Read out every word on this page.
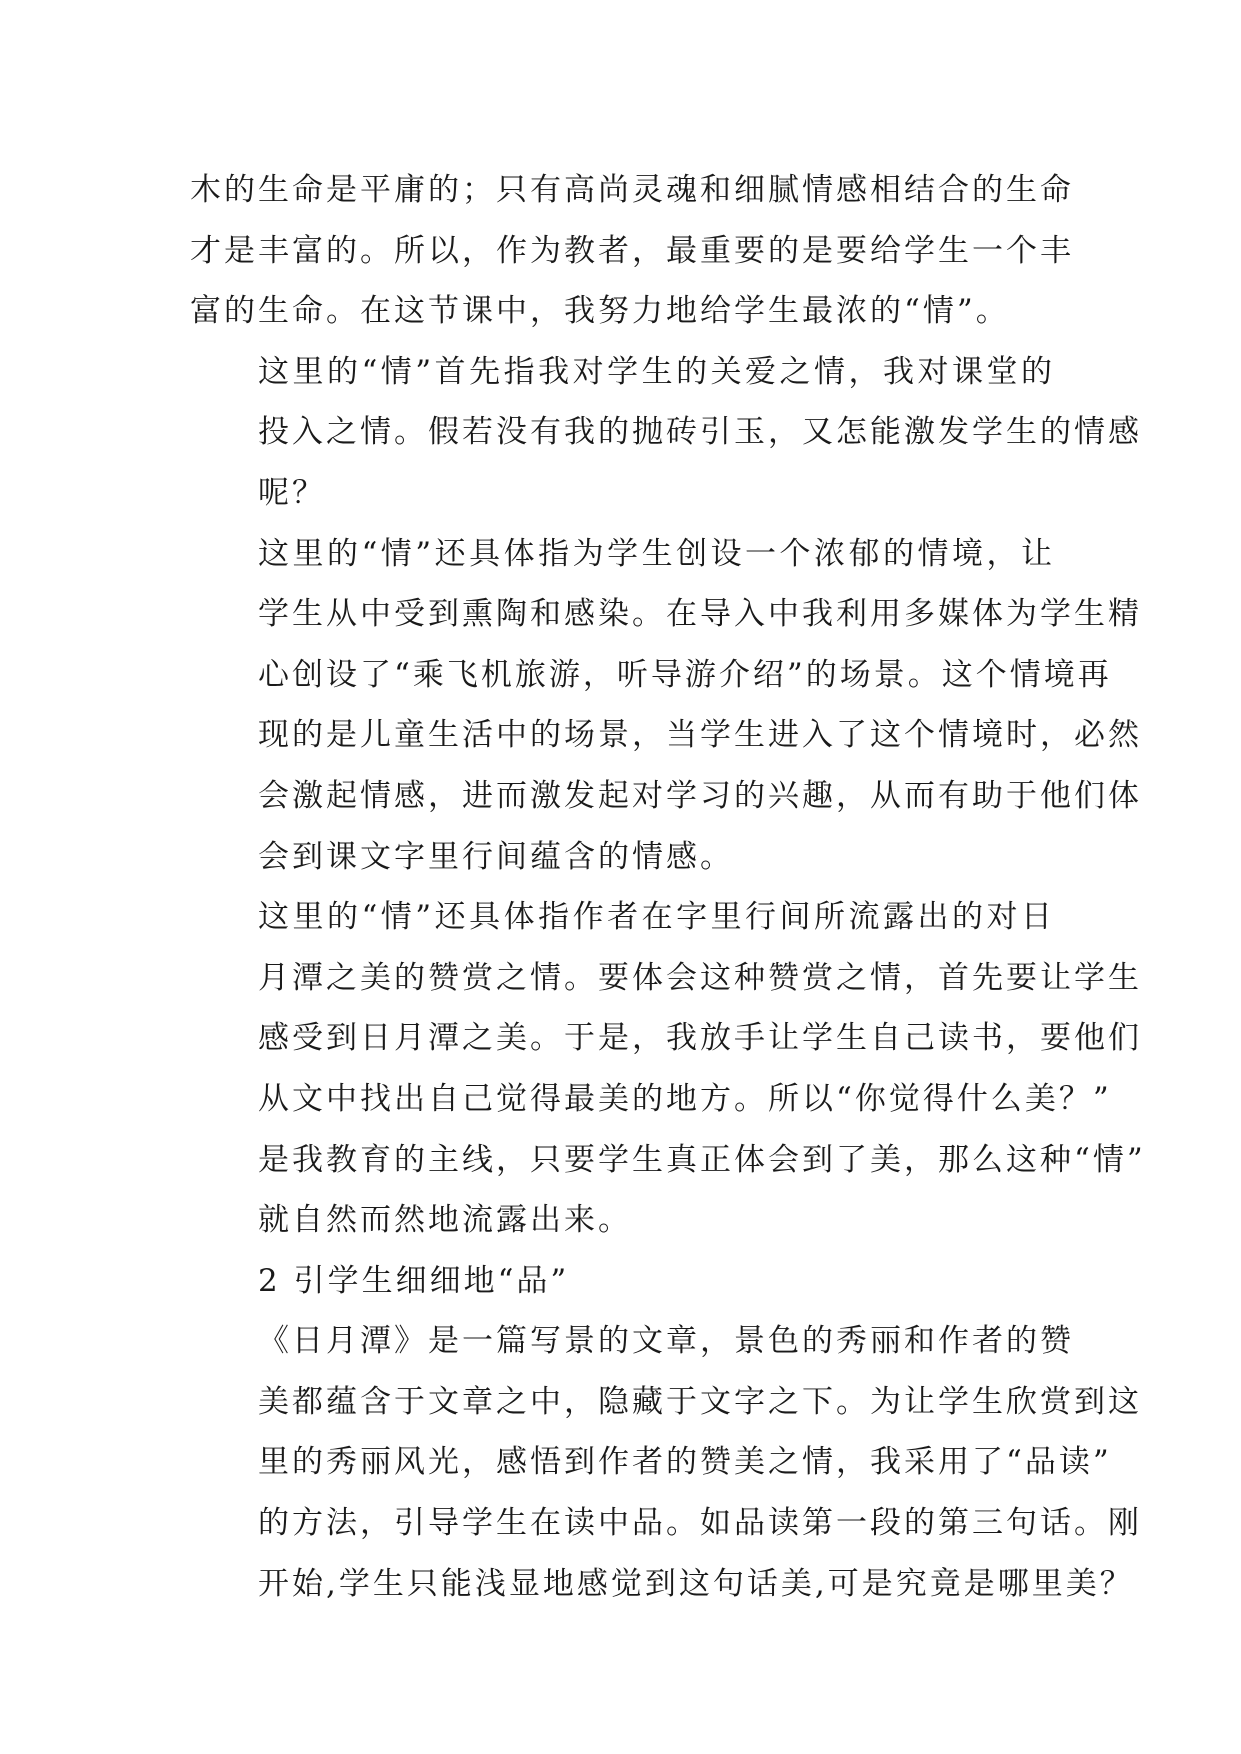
木的生命是平庸的；只有高尚灵魂和细腻情感相结合的生命
才是丰富的。所以，作为教者，最重要的是要给学生一个丰
富的生命。在这节课中，我努力地给学生最浓的“情”。
这里的“情”首先指我对学生的关爱之情，我对课堂的
投入之情。假若没有我的抛砖引玉，又怎能激发学生的情感
呢？
这里的“情”还具体指为学生创设一个浓郁的情境，让
学生从中受到熏陶和感染。在导入中我利用多媒体为学生精
心创设了“乘飞机旅游，听导游介绍”的场景。这个情境再
现的是儿童生活中的场景，当学生进入了这个情境时，必然
会激起情感，进而激发起对学习的兴趣，从而有助于他们体
会到课文字里行间蕴含的情感。
这里的“情”还具体指作者在字里行间所流露出的对日
月潭之美的赞赏之情。要体会这种赞赏之情，首先要让学生
感受到日月潭之美。于是，我放手让学生自己读书，要他们
从文中找出自己觉得最美的地方。所以“你觉得什么美？”
是我教育的主线，只要学生真正体会到了美，那么这种“情”
就自然而然地流露出来。
2 引学生细细地“品”
《日月潭》是一篇写景的文章，景色的秀丽和作者的赞
美都蕴含于文章之中，隐藏于文字之下。为让学生欣赏到这
里的秀丽风光，感悟到作者的赞美之情，我采用了“品读”
的方法，引导学生在读中品。如品读第一段的第三句话。刚
开始,学生只能浅显地感觉到这句话美,可是究竟是哪里美？
